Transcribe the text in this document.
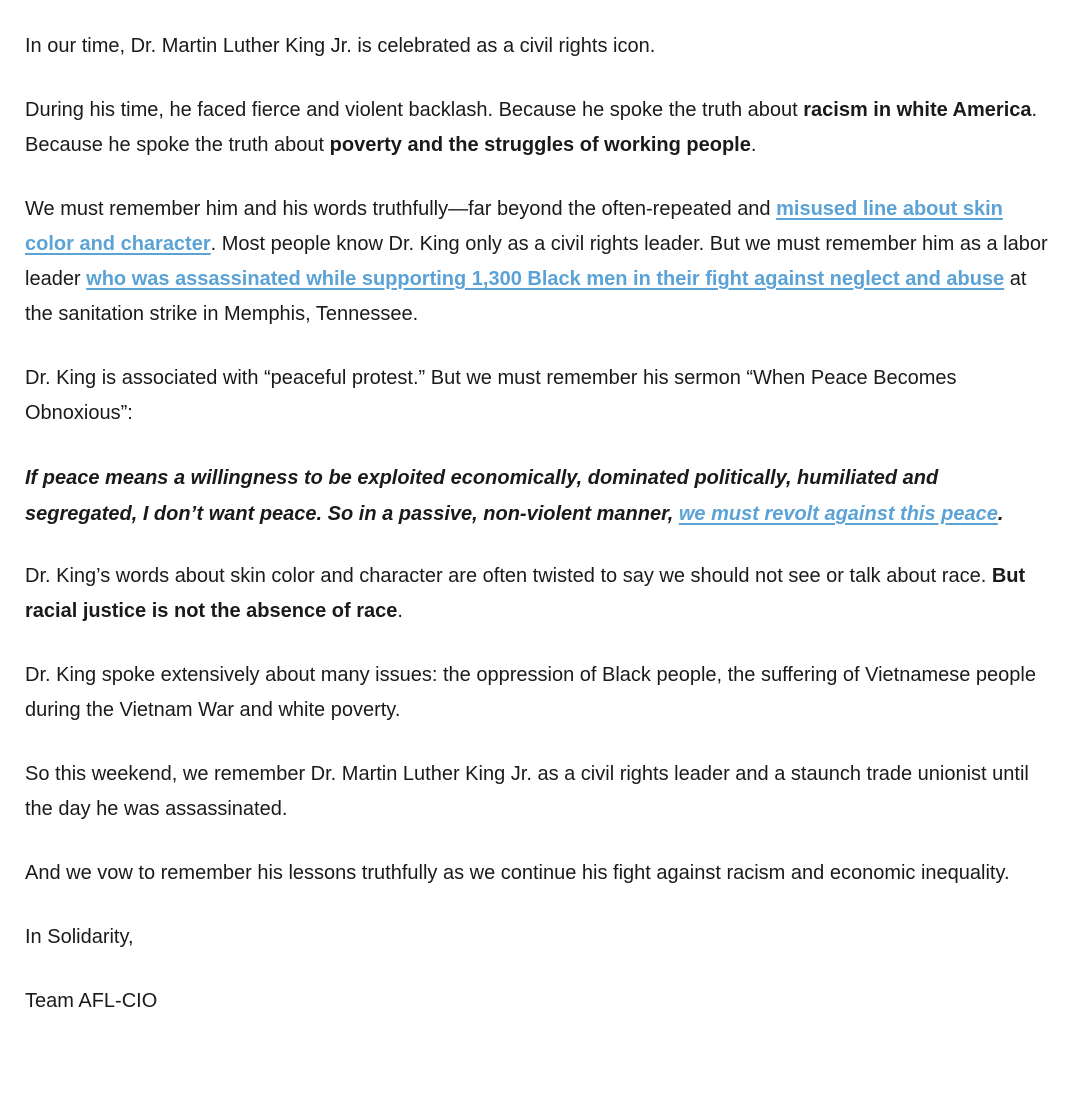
In our time, Dr. Martin Luther King Jr. is celebrated as a civil rights icon.

During his time, he faced fierce and violent backlash. Because he spoke the truth about racism in white America. Because he spoke the truth about poverty and the struggles of working people.

We must remember him and his words truthfully—far beyond the often-repeated and misused line about skin color and character. Most people know Dr. King only as a civil rights leader. But we must remember him as a labor leader who was assassinated while supporting 1,300 Black men in their fight against neglect and abuse at the sanitation strike in Memphis, Tennessee.

Dr. King is associated with “peaceful protest.” But we must remember his sermon “When Peace Becomes Obnoxious”:

If peace means a willingness to be exploited economically, dominated politically, humiliated and segregated, I don’t want peace. So in a passive, non-violent manner, we must revolt against this peace.

Dr. King’s words about skin color and character are often twisted to say we should not see or talk about race. But racial justice is not the absence of race.

Dr. King spoke extensively about many issues: the oppression of Black people, the suffering of Vietnamese people during the Vietnam War and white poverty.

So this weekend, we remember Dr. Martin Luther King Jr. as a civil rights leader and a staunch trade unionist until the day he was assassinated.

And we vow to remember his lessons truthfully as we continue his fight against racism and economic inequality.

In Solidarity,

Team AFL-CIO
